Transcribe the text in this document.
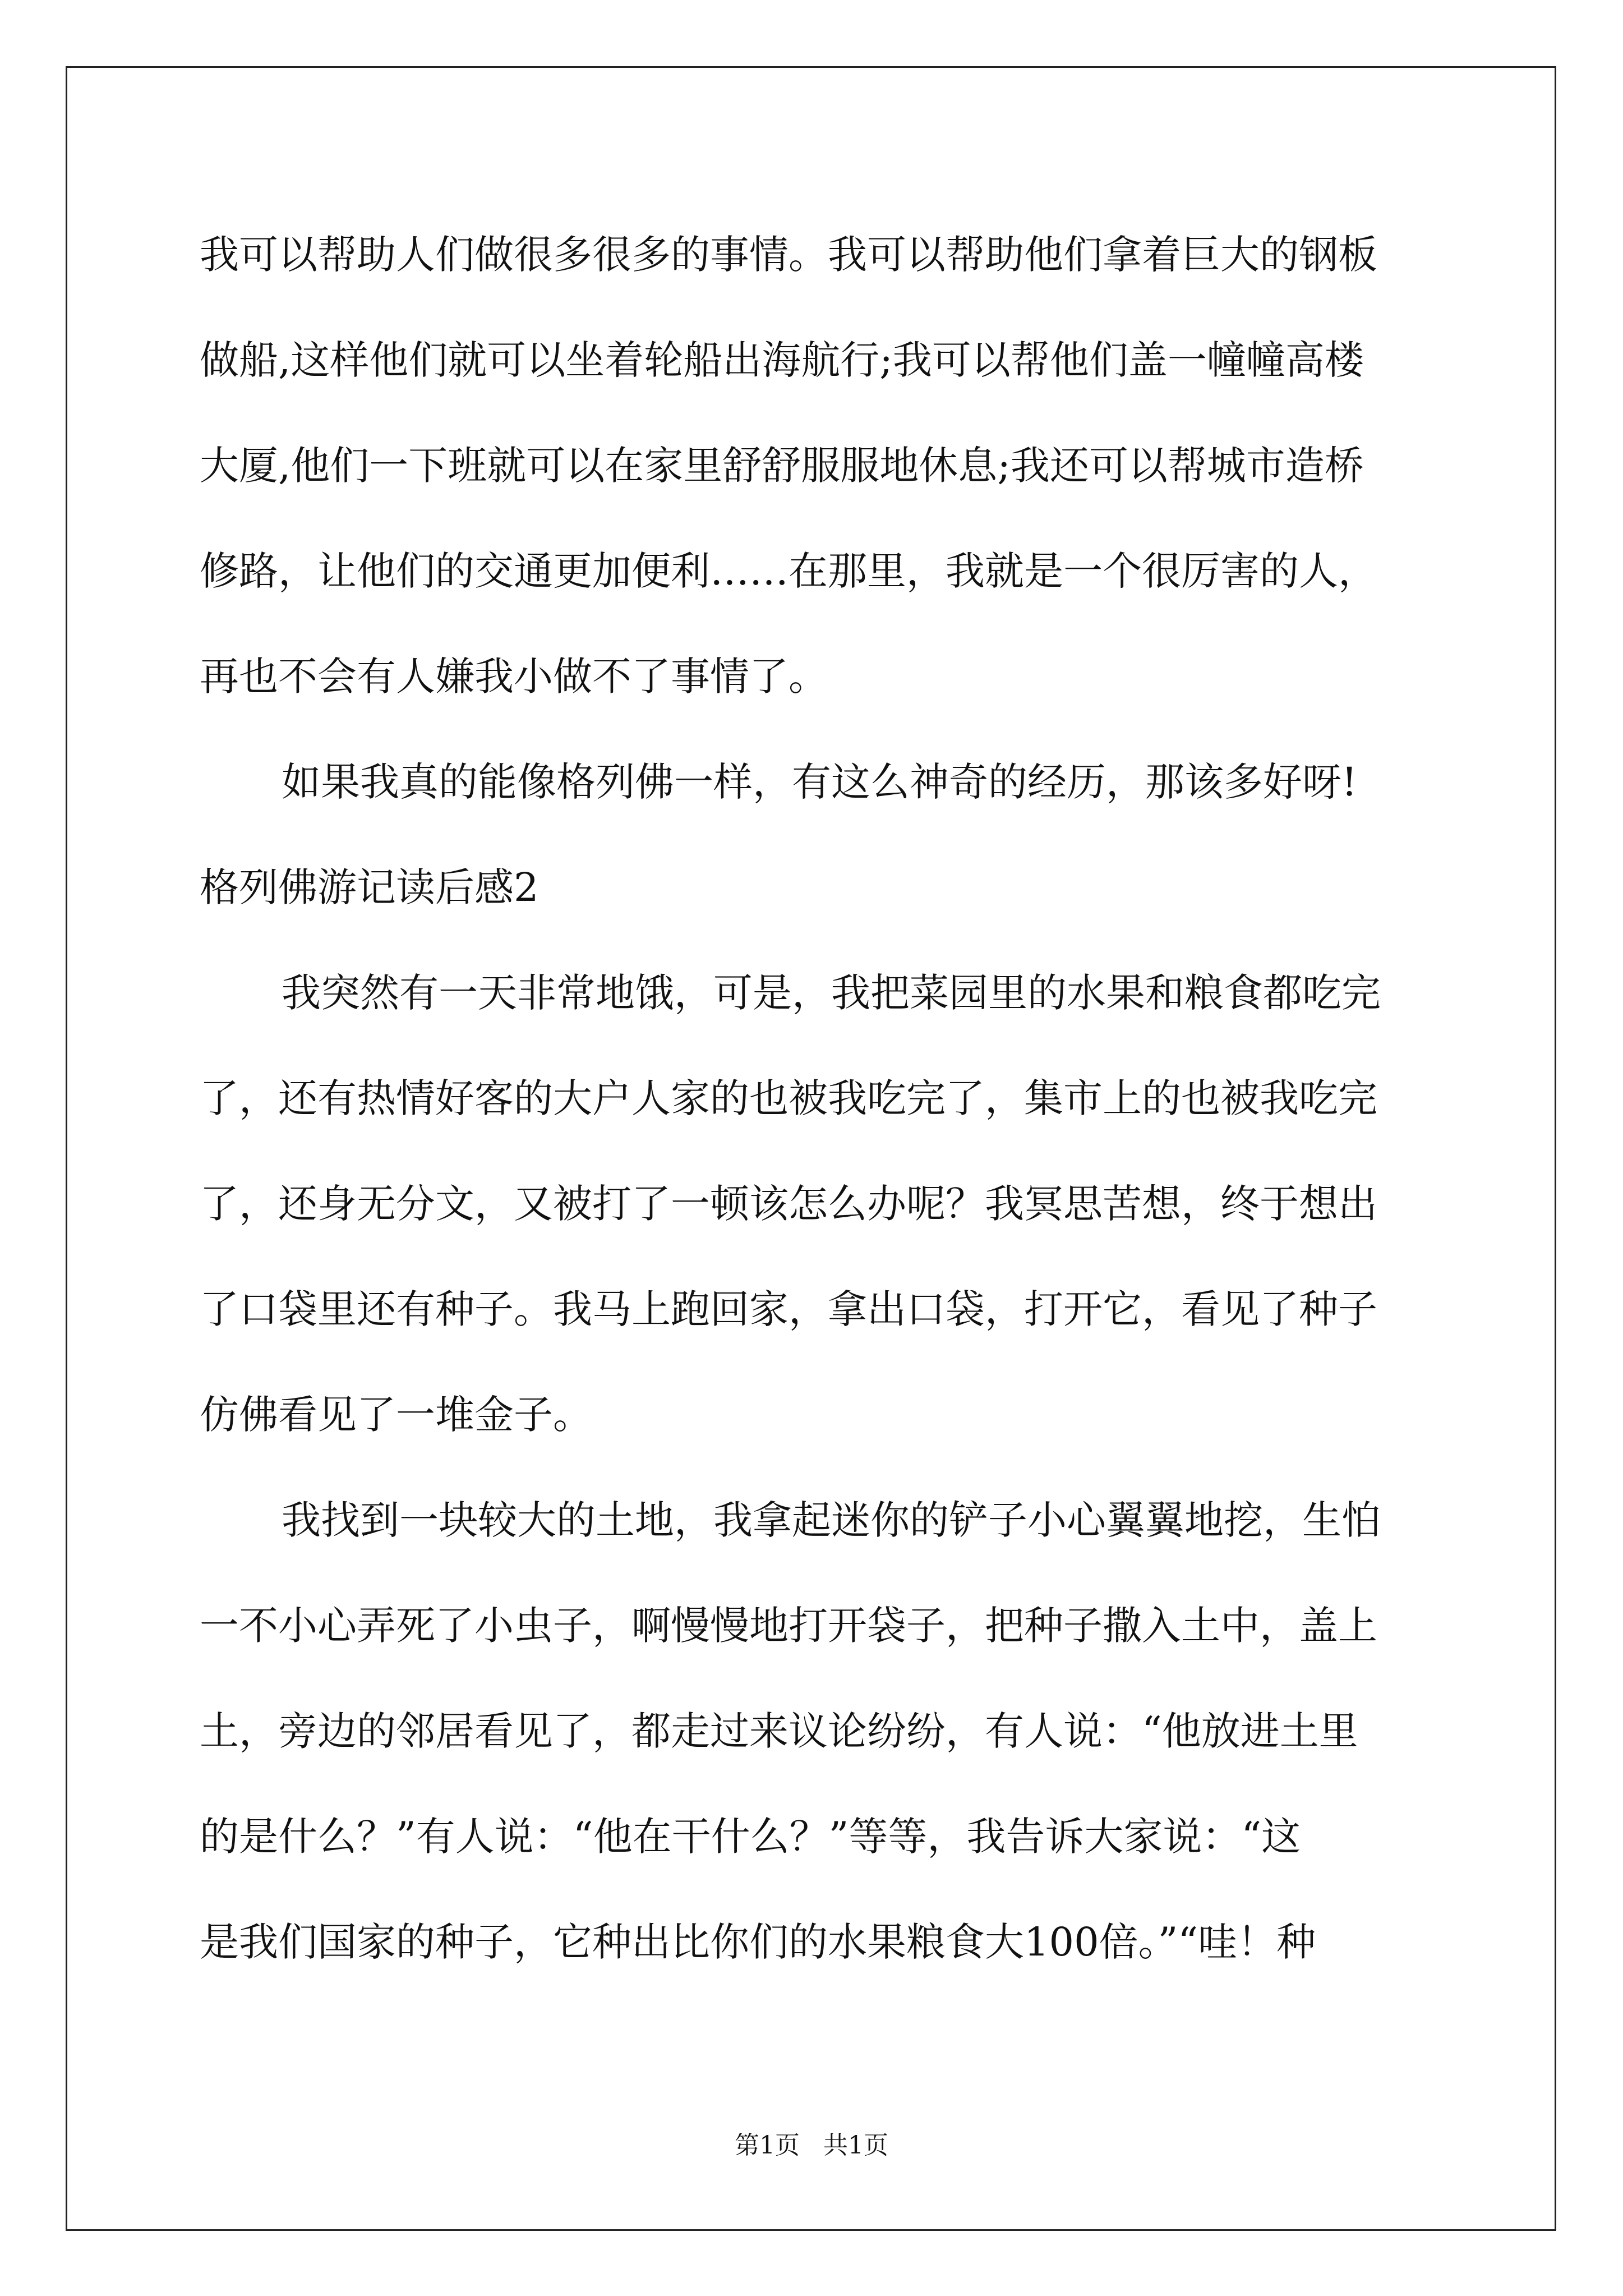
我可以帮助人们做很多很多的事情。我可以帮助他们拿着巨大的钢板
做船,这样他们就可以坐着轮船出海航行;我可以帮他们盖一幢幢高楼
大厦,他们一下班就可以在家里舒舒服服地休息;我还可以帮城市造桥
修路，让他们的交通更加便利……在那里，我就是一个很厉害的人，
再也不会有人嫌我小做不了事情了。
如果我真的能像格列佛一样，有这么神奇的经历，那该多好呀!
格列佛游记读后感2
我突然有一天非常地饿，可是，我把菜园里的水果和粮食都吃完
了，还有热情好客的大户人家的也被我吃完了，集市上的也被我吃完
了，还身无分文，又被打了一顿该怎么办呢？我冥思苦想，终于想出
了口袋里还有种子。我马上跑回家，拿出口袋，打开它，看见了种子
仿佛看见了一堆金子。
我找到一块较大的土地，我拿起迷你的铲子小心翼翼地挖，生怕
一不小心弄死了小虫子，啊慢慢地打开袋子，把种子撒入土中，盖上
土，旁边的邻居看见了，都走过来议论纷纷，有人说：“他放进土里
的是什么？”有人说：“他在干什么？”等等，我告诉大家说：“这
是我们国家的种子，它种出比你们的水果粮食大100倍。”“哇！种
第1页   共1页
